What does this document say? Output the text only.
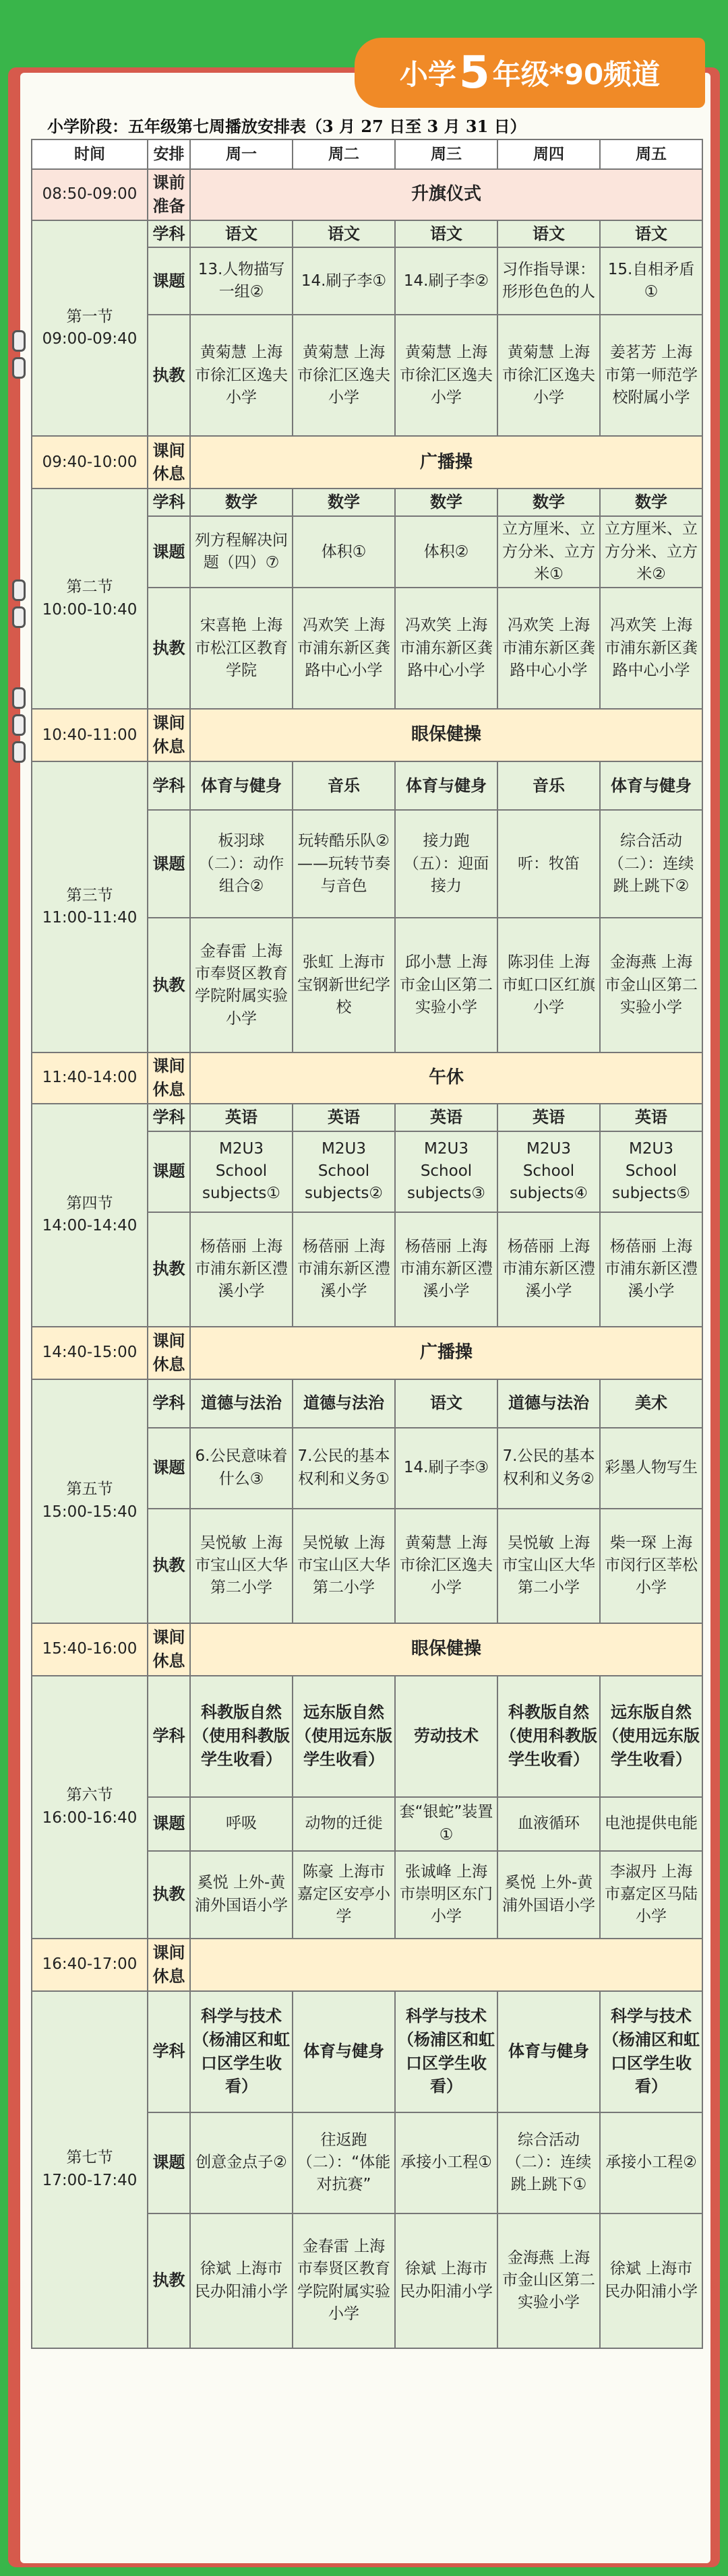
小学 5 年级*90频道
小学阶段：五年级第七周播放安排表（3 月 27 日至 3 月 31 日）
时间	安排	周一	周二	周三	周四	周五
08:50-09:00	课前准备	升旗仪式				

第一节
09:00-09:40	学科	语文	语文	语文	语文	语文
	课题	13.人物描写一组②	14.刷子李①	14.刷子李②	习作指导课：形形色色的人	15.自相矛盾①
	执教	黄菊慧 上海市徐汇区逸夫小学	黄菊慧 上海市徐汇区逸夫小学	黄菊慧 上海市徐汇区逸夫小学	黄菊慧 上海市徐汇区逸夫小学	姜茗芳 上海市第一师范学校附属小学
09:40-10:00	课间休息	广播操				

第二节
10:00-10:40	学科	数学	数学	数学	数学	数学
	课题	列方程解决问题（四）⑦	体积①	体积②	立方厘米、立方分米、立方米①	立方厘米、立方分米、立方米②
	执教	宋喜艳 上海市松江区教育学院	冯欢笑 上海市浦东新区龚路中心小学	冯欢笑 上海市浦东新区龚路中心小学	冯欢笑 上海市浦东新区龚路中心小学	冯欢笑 上海市浦东新区龚路中心小学
10:40-11:00	课间休息	眼保健操				

第三节
11:00-11:40	学科	体育与健身	音乐	体育与健身	音乐	体育与健身
	课题	板羽球（二）：动作组合②	玩转酷乐队②——玩转节奏与音色	接力跑（五）：迎面接力	听：牧笛	综合活动（二）：连续跳上跳下②
	执教	金春雷 上海市奉贤区教育学院附属实验小学	张虹 上海市宝钢新世纪学校	邱小慧 上海市金山区第二实验小学	陈羽佳 上海市虹口区红旗小学	金海燕 上海市金山区第二实验小学
11:40-14:00	课间休息	午休				

第四节
14:00-14:40	学科	英语	英语	英语	英语	英语
	课题	M2U3 School subjects①	M2U3 School subjects②	M2U3 School subjects③	M2U3 School subjects④	M2U3 School subjects⑤
	执教	杨蓓丽 上海市浦东新区澧溪小学	杨蓓丽 上海市浦东新区澧溪小学	杨蓓丽 上海市浦东新区澧溪小学	杨蓓丽 上海市浦东新区澧溪小学	杨蓓丽 上海市浦东新区澧溪小学
14:40-15:00	课间休息	广播操				

第五节
15:00-15:40	学科	道德与法治	道德与法治	语文	道德与法治	美术
	课题	6.公民意味着什么③	7.公民的基本权利和义务①	14.刷子李③	7.公民的基本权利和义务②	彩墨人物写生
	执教	吴悦敏 上海市宝山区大华第二小学	吴悦敏 上海市宝山区大华第二小学	黄菊慧 上海市徐汇区逸夫小学	吴悦敏 上海市宝山区大华第二小学	柴一琛 上海市闵行区莘松小学
15:40-16:00	课间休息	眼保健操				

第六节
16:00-16:40	学科	科教版自然（使用科教版学生收看）	远东版自然（使用远东版学生收看）	劳动技术	科教版自然（使用科教版学生收看）	远东版自然（使用远东版学生收看）
	课题	呼吸	动物的迁徙	套“银蛇”装置①	血液循环	电池提供电能
	执教	奚悦 上外-黄浦外国语小学	陈豪 上海市嘉定区安亭小学	张诚峰 上海市崇明区东门小学	奚悦 上外-黄浦外国语小学	李淑丹 上海市嘉定区马陆小学
16:40-17:00	课间休息					

第七节
17:00-17:40	学科	科学与技术（杨浦区和虹口区学生收看）	体育与健身	科学与技术（杨浦区和虹口区学生收看）	体育与健身	科学与技术（杨浦区和虹口区学生收看）
	课题	创意金点子②	往返跑（二）：“体能对抗赛”	承接小工程①	综合活动（二）：连续跳上跳下①	承接小工程②
	执教	徐斌 上海市民办阳浦小学	金春雷 上海市奉贤区教育学院附属实验小学	徐斌 上海市民办阳浦小学	金海燕 上海市金山区第二实验小学	徐斌 上海市民办阳浦小学
